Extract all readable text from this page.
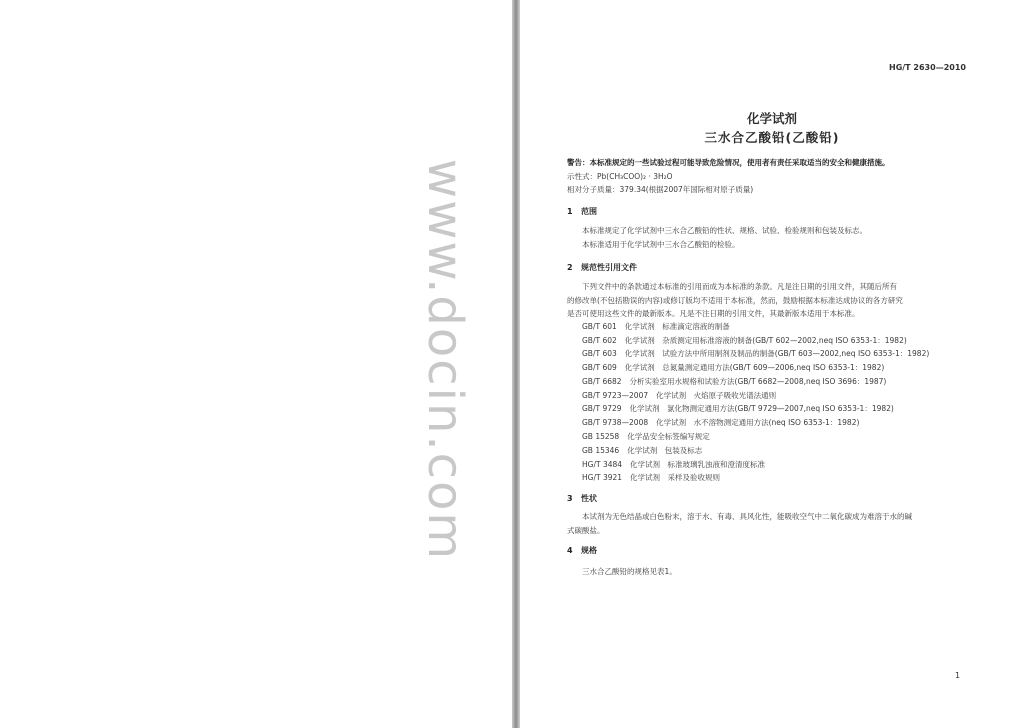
www.docin.com
HG/T 2630—2010
化学试剂
三水合乙酸铅(乙酸铅)
警告：本标准规定的一些试验过程可能导致危险情况，使用者有责任采取适当的安全和健康措施。
示性式：Pb(CH₃COO)₂ · 3H₂O
相对分子质量：379.34(根据2007年国际相对原子质量)
1 范围
本标准规定了化学试剂中三水合乙酸铅的性状、规格、试验、检验规则和包装及标志。
本标准适用于化学试剂中三水合乙酸铅的检验。
2 规范性引用文件
下列文件中的条款通过本标准的引用而成为本标准的条款。凡是注日期的引用文件，其随后所有
的修改单(不包括勘误的内容)或修订版均不适用于本标准，然而，鼓励根据本标准达成协议的各方研究
是否可使用这些文件的最新版本。凡是不注日期的引用文件，其最新版本适用于本标准。
GB/T 601 化学试剂　标准滴定溶液的制备
GB/T 602 化学试剂　杂质测定用标准溶液的制备(GB/T 602—2002,neq ISO 6353-1：1982)
GB/T 603 化学试剂　试验方法中所用制剂及制品的制备(GB/T 603—2002,neq ISO 6353-1：1982)
GB/T 609 化学试剂　总氮量测定通用方法(GB/T 609—2006,neq ISO 6353-1：1982)
GB/T 6682 分析实验室用水规格和试验方法(GB/T 6682—2008,neq ISO 3696：1987)
GB/T 9723—2007 化学试剂　火焰原子吸收光谱法通则
GB/T 9729 化学试剂　氯化物测定通用方法(GB/T 9729—2007,neq ISO 6353-1：1982)
GB/T 9738—2008 化学试剂　水不溶物测定通用方法(neq ISO 6353-1：1982)
GB 15258 化学品安全标签编写规定
GB 15346 化学试剂　包装及标志
HG/T 3484 化学试剂　标准玻璃乳浊液和澄清度标准
HG/T 3921 化学试剂　采样及验收规则
3 性状
本试剂为无色结晶或白色粉末，溶于水、有毒、具风化性，能吸收空气中二氧化碳成为难溶于水的碱
式碳酸盐。
4 规格
三水合乙酸铅的规格见表1。
1
